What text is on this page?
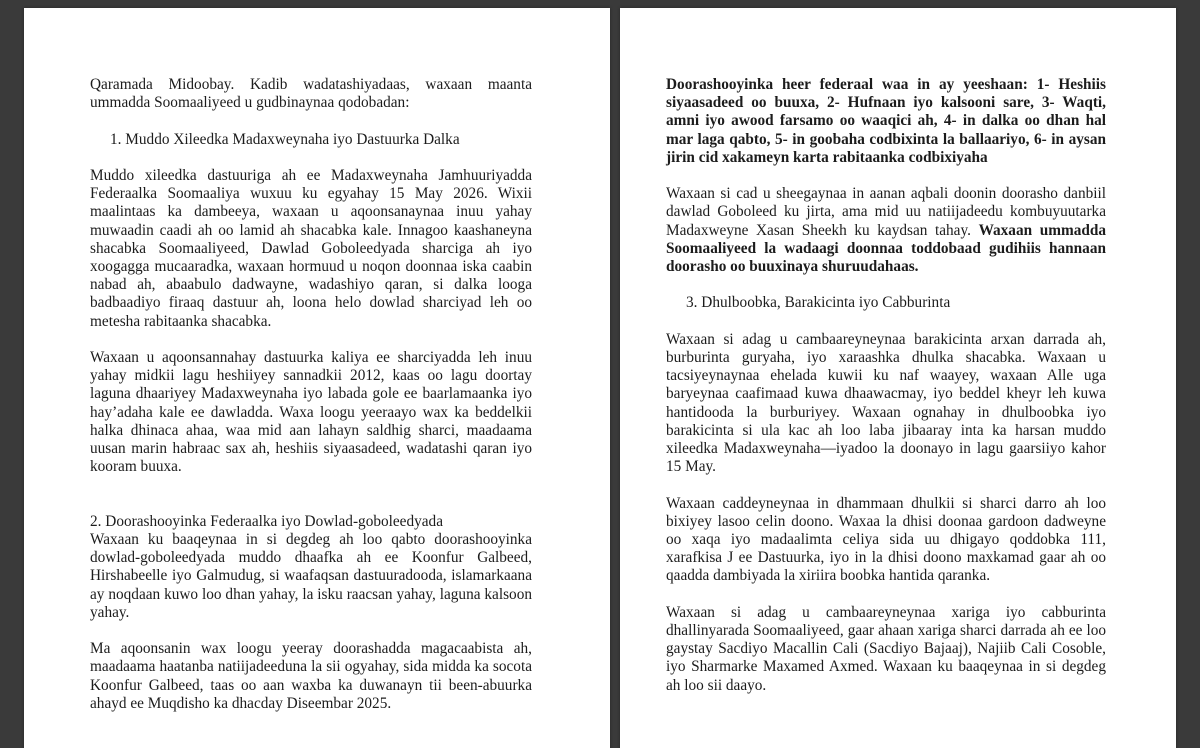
Qaramada Midoobay. Kadib wadatashiyadaas, waxaan maanta ummadda Soomaaliyeed u gudbinaynaa qodobadan:

1. Muddo Xileedka Madaxweynaha iyo Dastuurka Dalka

Muddo xileedka dastuuriga ah ee Madaxweynaha Jamhuuriyadda Federaalka Soomaaliya wuxuu ku egyahay 15 May 2026. Wixii maalintaas ka dambeeya, waxaan u aqoonsanaynaa inuu yahay muwaadin caadi ah oo lamid ah shacabka kale. Innagoo kaashaneyna shacabka Soomaaliyeed, Dawlad Goboleedyada sharciga ah iyo xoogagga mucaaradka, waxaan hormuud u noqon doonnaa iska caabin nabad ah, abaabulo dadwayne, wadashiyo qaran, si dalka looga badbaadiyo firaaq dastuur ah, loona helo dowlad sharciyad leh oo metesha rabitaanka shacabka.

Waxaan u aqoonsannahay dastuurka kaliya ee sharciyadda leh inuu yahay midkii lagu heshiiyey sannadkii 2012, kaas oo lagu doortay laguna dhaariyey Madaxweynaha iyo labada gole ee baarlamaanka iyo hay’adaha kale ee dawladda. Waxa loogu yeeraayo wax ka beddelkii halka dhinaca ahaa, waa mid aan lahayn saldhig sharci, maadaama uusan marin habraac sax ah, heshiis siyaasadeed, wadatashi qaran iyo kooram buuxa.

2. Doorashooyinka Federaalka iyo Dowlad-goboleedyada

Waxaan ku baaqeynaa in si degdeg ah loo qabto doorashooyinka dowlad-goboleedyada muddo dhaafka ah ee Koonfur Galbeed, Hirshabeelle iyo Galmudug, si waafaqsan dastuuradooda, islamarkaana ay noqdaan kuwo loo dhan yahay, la isku raacsan yahay, laguna kalsoon yahay.

Ma aqoonsanin wax loogu yeeray doorashadda magacaabista ah, maadaama haatanba natiijadeeduna la sii ogyahay, sida midda ka socota Koonfur Galbeed, taas oo aan waxba ka duwanayn tii been-abuurka ahayd ee Muqdisho ka dhacday Diseembar 2025.

Doorashooyinka heer federaal waa in ay yeeshaan: 1- Heshiis siyaasadeed oo buuxa, 2- Hufnaan iyo kalsooni sare, 3- Waqti, amni iyo awood farsamo oo waaqici ah, 4- in dalka oo dhan hal mar laga qabto, 5- in goobaha codbixinta la ballaariyo, 6- in aysan jirin cid xakameyn karta rabitaanka codbixiyaha

Waxaan si cad u sheegaynaa in aanan aqbali doonin doorasho danbiil dawlad Goboleed ku jirta, ama mid uu natiijadeedu kombuyuutarka Madaxweyne Xasan Sheekh ku kaydsan tahay. Waxaan ummadda Soomaaliyeed la wadaagi doonnaa toddobaad gudihiis hannaan doorasho oo buuxinaya shuruudahaas.

3. Dhulboobka, Barakicinta iyo Cabburinta

Waxaan si adag u cambaareyneynaa barakicinta arxan darrada ah, burburinta guryaha, iyo xaraashka dhulka shacabka. Waxaan u tacsiyeynaynaa ehelada kuwii ku naf waayey, waxaan Alle uga baryeynaa caafimaad kuwa dhaawacmay, iyo beddel kheyr leh kuwa hantidooda la burburiyey. Waxaan ognahay in dhulboobka iyo barakicinta si ula kac ah loo laba jibaaray inta ka harsan muddo xileedka Madaxweynaha—iyadoo la doonayo in lagu gaarsiiyo kahor 15 May.

Waxaan caddeyneynaa in dhammaan dhulkii si sharci darro ah loo bixiyey lasoo celin doono. Waxaa la dhisi doonaa gardoon dadweyne oo xaqa iyo madaalimta celiya sida uu dhigayo qoddobka 111, xarafkisa J ee Dastuurka, iyo in la dhisi doono maxkamad gaar ah oo qaadda dambiyada la xiriira boobka hantida qaranka.

Waxaan si adag u cambaareyneynaa xariga iyo cabburinta dhallinyarada Soomaaliyeed, gaar ahaan xariga sharci darrada ah ee loo gaystay Sacdiyo Macallin Cali (Sacdiyo Bajaaj), Najiib Cali Cosoble, iyo Sharmarke Maxamed Axmed. Waxaan ku baaqeynaa in si degdeg ah loo sii daayo.
